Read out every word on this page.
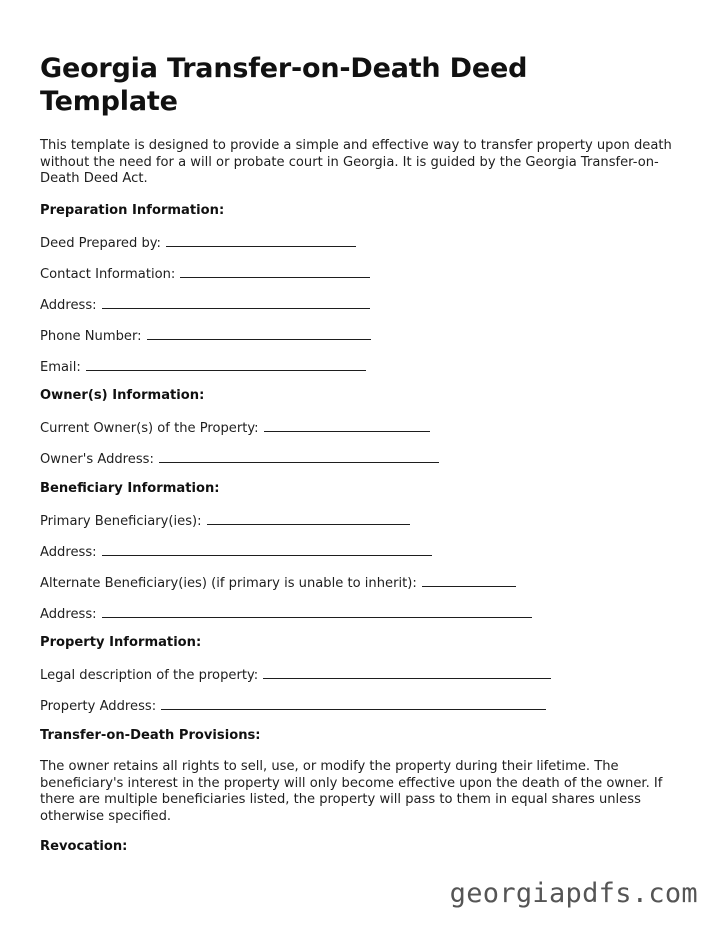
Georgia Transfer-on-Death Deed Template

This template is designed to provide a simple and effective way to transfer property upon death without the need for a will or probate court in Georgia. It is guided by the Georgia Transfer-on-Death Deed Act.

Preparation Information:
Deed Prepared by:
Contact Information:
Address:
Phone Number:
Email:
Owner(s) Information:
Current Owner(s) of the Property:
Owner's Address:
Beneficiary Information:
Primary Beneficiary(ies):
Address:
Alternate Beneficiary(ies) (if primary is unable to inherit):
Address:
Property Information:
Legal description of the property:
Property Address:
Transfer-on-Death Provisions:

The owner retains all rights to sell, use, or modify the property during their lifetime. The beneficiary's interest in the property will only become effective upon the death of the owner. If there are multiple beneficiaries listed, the property will pass to them in equal shares unless otherwise specified.

Revocation:
georgiapdfs.com
